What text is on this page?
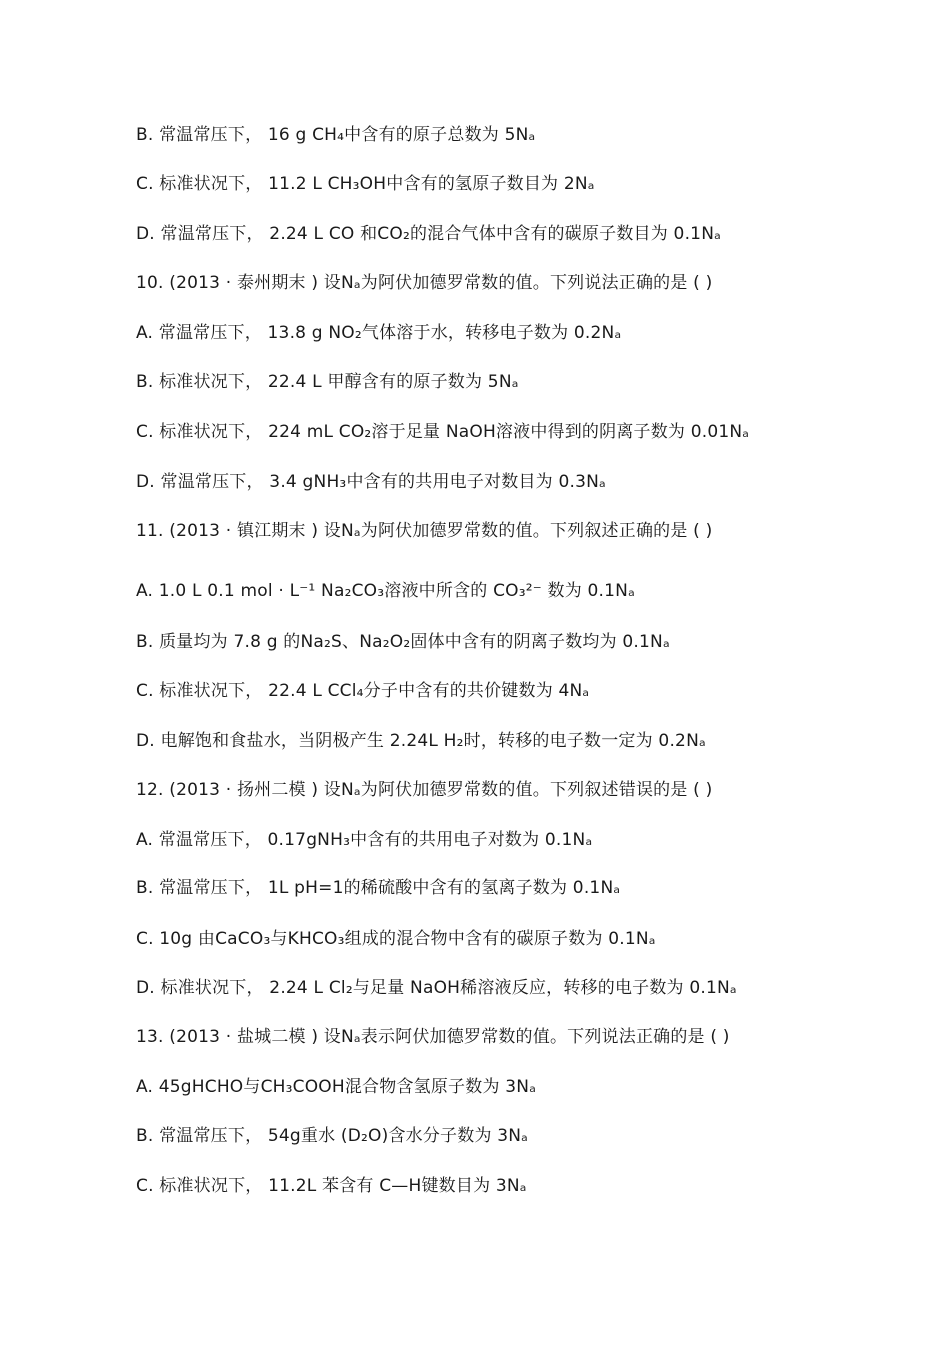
B. 常温常压下， 16 g CH₄中含有的原子总数为 5Nₐ
C. 标准状况下， 11.2 L CH₃OH中含有的氢原子数目为 2Nₐ
D. 常温常压下， 2.24 L CO 和CO₂的混合气体中含有的碳原子数目为 0.1Nₐ
10. (2013 · 泰州期末 ) 设Nₐ为阿伏加德罗常数的值。下列说法正确的是 ( )
A. 常温常压下， 13.8 g NO₂气体溶于水，转移电子数为 0.2Nₐ
B. 标准状况下， 22.4 L 甲醇含有的原子数为 5Nₐ
C. 标准状况下， 224 mL CO₂溶于足量 NaOH溶液中得到的阴离子数为 0.01Nₐ
D. 常温常压下， 3.4 gNH₃中含有的共用电子对数目为 0.3Nₐ
11. (2013 · 镇江期末 ) 设Nₐ为阿伏加德罗常数的值。下列叙述正确的是 ( )
A. 1.0 L 0.1 mol · L⁻¹ Na₂CO₃溶液中所含的 CO₃²⁻ 数为 0.1Nₐ
B. 质量均为 7.8 g 的Na₂S、Na₂O₂固体中含有的阴离子数均为 0.1Nₐ
C. 标准状况下， 22.4 L CCl₄分子中含有的共价键数为 4Nₐ
D. 电解饱和食盐水，当阴极产生 2.24L H₂时，转移的电子数一定为 0.2Nₐ
12. (2013 · 扬州二模 ) 设Nₐ为阿伏加德罗常数的值。下列叙述错误的是 ( )
A. 常温常压下， 0.17gNH₃中含有的共用电子对数为 0.1Nₐ
B. 常温常压下， 1L pH=1的稀硫酸中含有的氢离子数为 0.1Nₐ
C. 10g 由CaCO₃与KHCO₃组成的混合物中含有的碳原子数为 0.1Nₐ
D. 标准状况下， 2.24 L Cl₂与足量 NaOH稀溶液反应，转移的电子数为 0.1Nₐ
13. (2013 · 盐城二模 ) 设Nₐ表示阿伏加德罗常数的值。下列说法正确的是 ( )
A. 45gHCHO与CH₃COOH混合物含氢原子数为 3Nₐ
B. 常温常压下， 54g重水 (D₂O)含水分子数为 3Nₐ
C. 标准状况下， 11.2L 苯含有 C—H键数目为 3Nₐ
